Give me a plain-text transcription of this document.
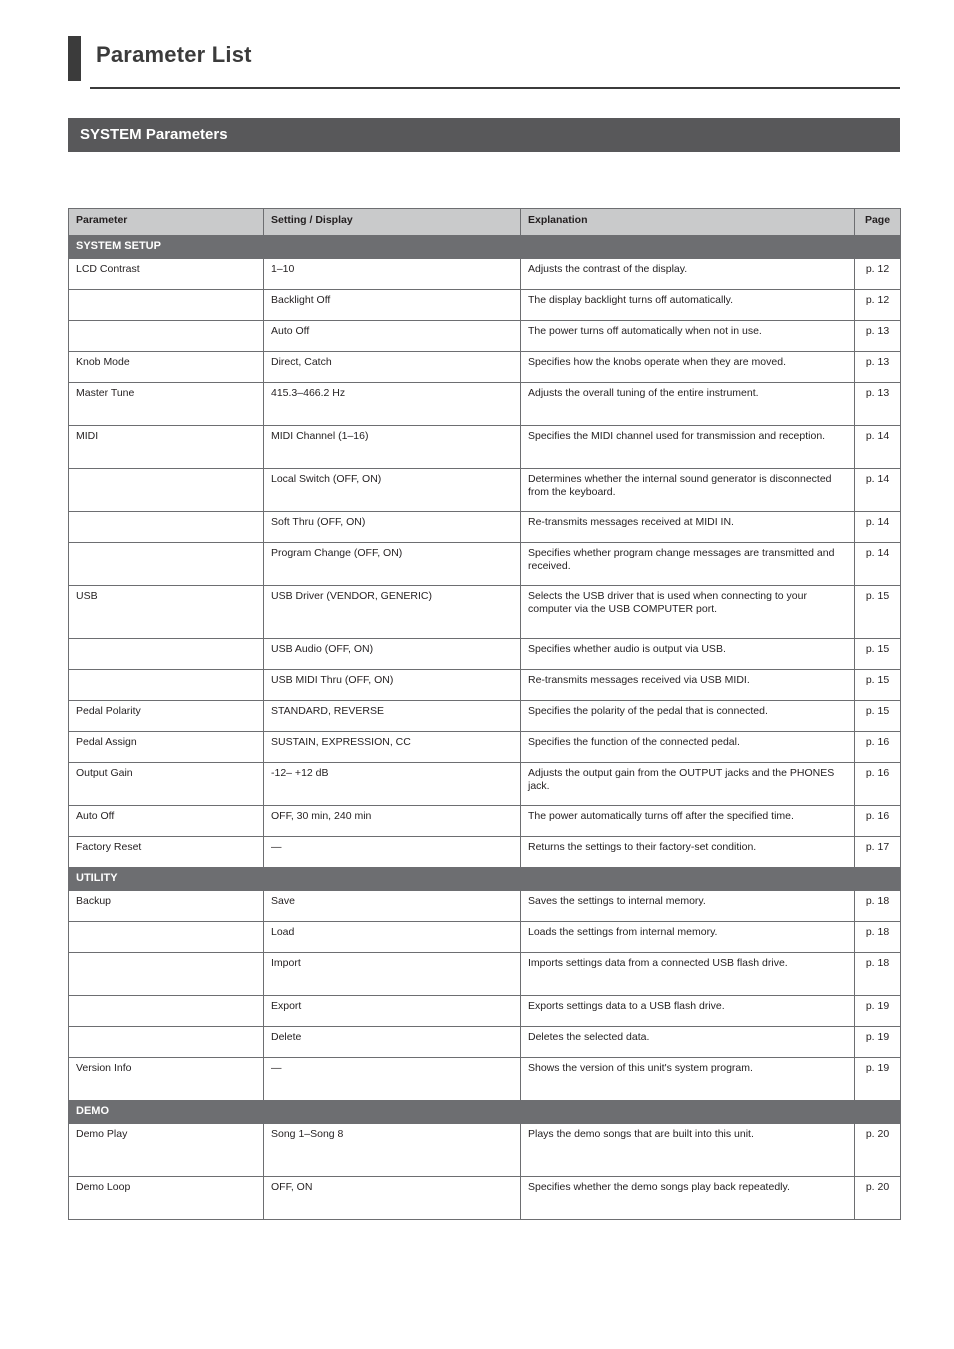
Parameter List
SYSTEM Parameters
Parameter	Setting / Display	Explanation	Page
SYSTEM SETUP			
LCD Contrast	1–10	Adjusts the contrast of the display.	p. 12
	Backlight Off	The display backlight turns off automatically.	p. 12
	Auto Off	The power turns off automatically when not in use.	p. 13
Knob Mode	Direct, Catch	Specifies how the knobs operate when they are moved.	p. 13
Master Tune	415.3–466.2 Hz	Adjusts the overall tuning of the entire instrument.	p. 13
MIDI	MIDI Channel (1–16)	Specifies the MIDI channel used for transmission and reception.	p. 14
	Local Switch (OFF, ON)	Determines whether the internal sound generator is disconnected from the keyboard.	p. 14
	Soft Thru (OFF, ON)	Re-transmits messages received at MIDI IN.	p. 14
	Program Change (OFF, ON)	Specifies whether program change messages are transmitted and received.	p. 14
USB	USB Driver (VENDOR, GENERIC)	Selects the USB driver that is used when connecting to your computer via the USB COMPUTER port.	p. 15
	USB Audio (OFF, ON)	Specifies whether audio is output via USB.	p. 15
	USB MIDI Thru (OFF, ON)	Re-transmits messages received via USB MIDI.	p. 15
Pedal Polarity	STANDARD, REVERSE	Specifies the polarity of the pedal that is connected.	p. 15
Pedal Assign	SUSTAIN, EXPRESSION, CC	Specifies the function of the connected pedal.	p. 16
Output Gain	-12– +12 dB	Adjusts the output gain from the OUTPUT jacks and the PHONES jack.	p. 16
Auto Off	OFF, 30 min, 240 min	The power automatically turns off after the specified time.	p. 16
Factory Reset	—	Returns the settings to their factory-set condition.	p. 17
UTILITY			
Backup	Save	Saves the settings to internal memory.	p. 18
	Load	Loads the settings from internal memory.	p. 18
	Import	Imports settings data from a connected USB flash drive.	p. 18
	Export	Exports settings data to a USB flash drive.	p. 19
	Delete	Deletes the selected data.	p. 19
Version Info	—	Shows the version of this unit's system program.	p. 19
DEMO			
Demo Play	Song 1–Song 8	Plays the demo songs that are built into this unit.	p. 20
Demo Loop	OFF, ON	Specifies whether the demo songs play back repeatedly.	p. 20
